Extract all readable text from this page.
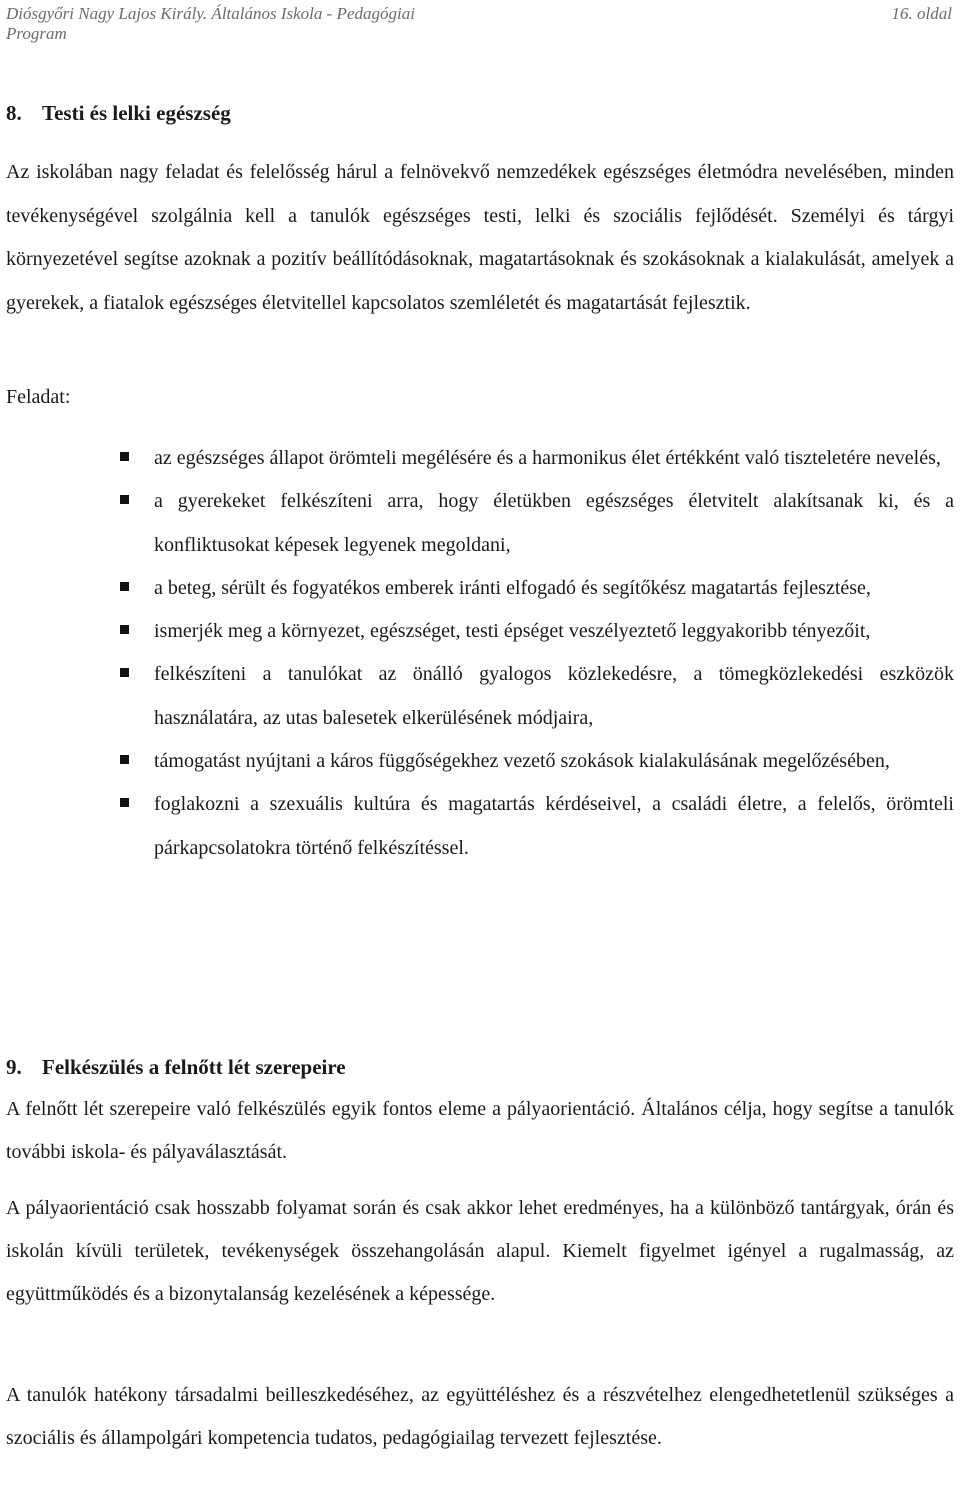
Diósgyőri Nagy Lajos Király. Általános Iskola - Pedagógiai Program
16. oldal
8. Testi és lelki egészség
Az iskolában nagy feladat és felelősség hárul a felnövekvő nemzedékek egészséges életmódra nevelésében, minden tevékenységével szolgálnia kell a tanulók egészséges testi, lelki és szociális fejlődését. Személyi és tárgyi környezetével segítse azoknak a pozitív beállítódásoknak, magatartásoknak és szokásoknak a kialakulását, amelyek a gyerekek, a fiatalok egészséges életvitellel kapcsolatos szemléletét és magatartását fejlesztik.
Feladat:
az egészséges állapot örömteli megélésére és a harmonikus élet értékként való tiszteletére nevelés,
a gyerekeket felkészíteni arra, hogy életükben egészséges életvitelt alakítsanak ki, és a konfliktusokat képesek legyenek megoldani,
a beteg, sérült és fogyatékos emberek iránti elfogadó és segítőkész magatartás fejlesztése,
ismerjék meg a környezet, egészséget, testi épséget veszélyeztető leggyakoribb tényezőit,
felkészíteni a tanulókat az önálló gyalogos közlekedésre, a tömegközlekedési eszközök használatára, az utas balesetek elkerülésének módjaira,
támogatást nyújtani a káros függőségekhez vezető szokások kialakulásának megelőzésében,
foglakozni a szexuális kultúra és magatartás kérdéseivel, a családi életre, a felelős, örömteli párkapcsolatokra történő felkészítéssel.
9. Felkészülés a felnőtt lét szerepeire
A felnőtt lét szerepeire való felkészülés egyik fontos eleme a pályaorientáció. Általános célja, hogy segítse a tanulók további iskola- és pályaválasztását.
A pályaorientáció csak hosszabb folyamat során és csak akkor lehet eredményes, ha a különböző tantárgyak, órán és iskolán kívüli területek, tevékenységek összehangolásán alapul. Kiemelt figyelmet igényel a rugalmasság, az együttműködés és a bizonytalanság kezelésének a képessége.
A tanulók hatékony társadalmi beilleszkedéséhez, az együttéléshez és a részvételhez elengedhetetlenül szükséges a szociális és állampolgári kompetencia tudatos, pedagógiailag tervezett fejlesztése.
